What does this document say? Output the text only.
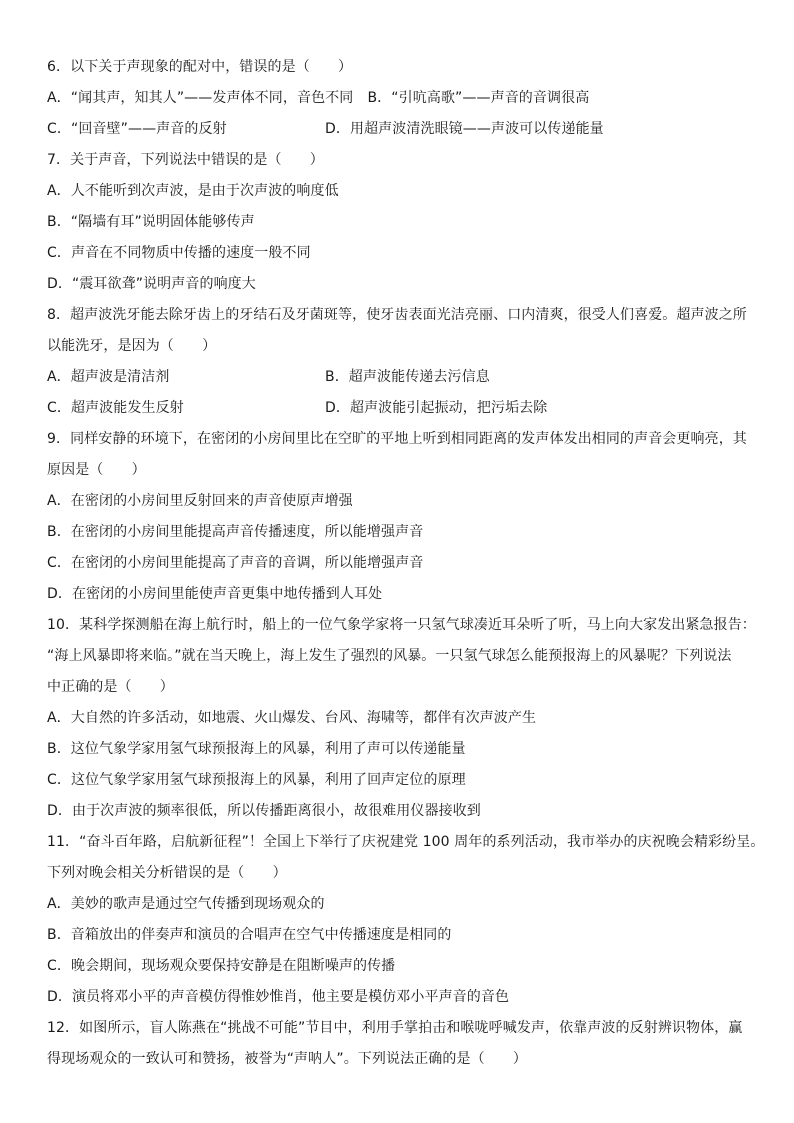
6．以下关于声现象的配对中，错误的是（　　）
A．“闻其声，知其人”——发声体不同，音色不同　B．“引吭高歌”——声音的音调很高
C．“回音壁”——声音的反射	D．用超声波清洗眼镜——声波可以传递能量
7．关于声音，下列说法中错误的是（　　）
A．人不能听到次声波，是由于次声波的响度低
B．“隔墙有耳”说明固体能够传声
C．声音在不同物质中传播的速度一般不同
D．“震耳欲聋”说明声音的响度大
8．超声波洗牙能去除牙齿上的牙结石及牙菌斑等，使牙齿表面光洁亮丽、口内清爽，很受人们喜爱。超声波之所
以能洗牙，是因为（　　）
A．超声波是清洁剂	B．超声波能传递去污信息
C．超声波能发生反射	D．超声波能引起振动，把污垢去除
9．同样安静的环境下，在密闭的小房间里比在空旷的平地上听到相同距离的发声体发出相同的声音会更响亮，其
原因是（　　）
A．在密闭的小房间里反射回来的声音使原声增强
B．在密闭的小房间里能提高声音传播速度，所以能增强声音
C．在密闭的小房间里能提高了声音的音调，所以能增强声音
D．在密闭的小房间里能使声音更集中地传播到人耳处
10．某科学探测船在海上航行时，船上的一位气象学家将一只氢气球凑近耳朵听了听，马上向大家发出紧急报告：
“海上风暴即将来临。”就在当天晚上，海上发生了强烈的风暴。一只氢气球怎么能预报海上的风暴呢？下列说法
中正确的是（　　）
A．大自然的许多活动，如地震、火山爆发、台风、海啸等，都伴有次声波产生
B．这位气象学家用氢气球预报海上的风暴，利用了声可以传递能量
C．这位气象学家用氢气球预报海上的风暴，利用了回声定位的原理
D．由于次声波的频率很低，所以传播距离很小，故很难用仪器接收到
11．“奋斗百年路，启航新征程”！全国上下举行了庆祝建党 100 周年的系列活动，我市举办的庆祝晚会精彩纷呈。
下列对晚会相关分析错误的是（　　）
A．美妙的歌声是通过空气传播到现场观众的
B．音箱放出的伴奏声和演员的合唱声在空气中传播速度是相同的
C．晚会期间，现场观众要保持安静是在阻断噪声的传播
D．演员将邓小平的声音模仿得惟妙惟肖，他主要是模仿邓小平声音的音色
12．如图所示，盲人陈燕在“挑战不可能”节目中，利用手掌拍击和喉咙呼喊发声，依靠声波的反射辨识物体，赢
得现场观众的一致认可和赞扬，被誉为“声呐人”。下列说法正确的是（　　）
